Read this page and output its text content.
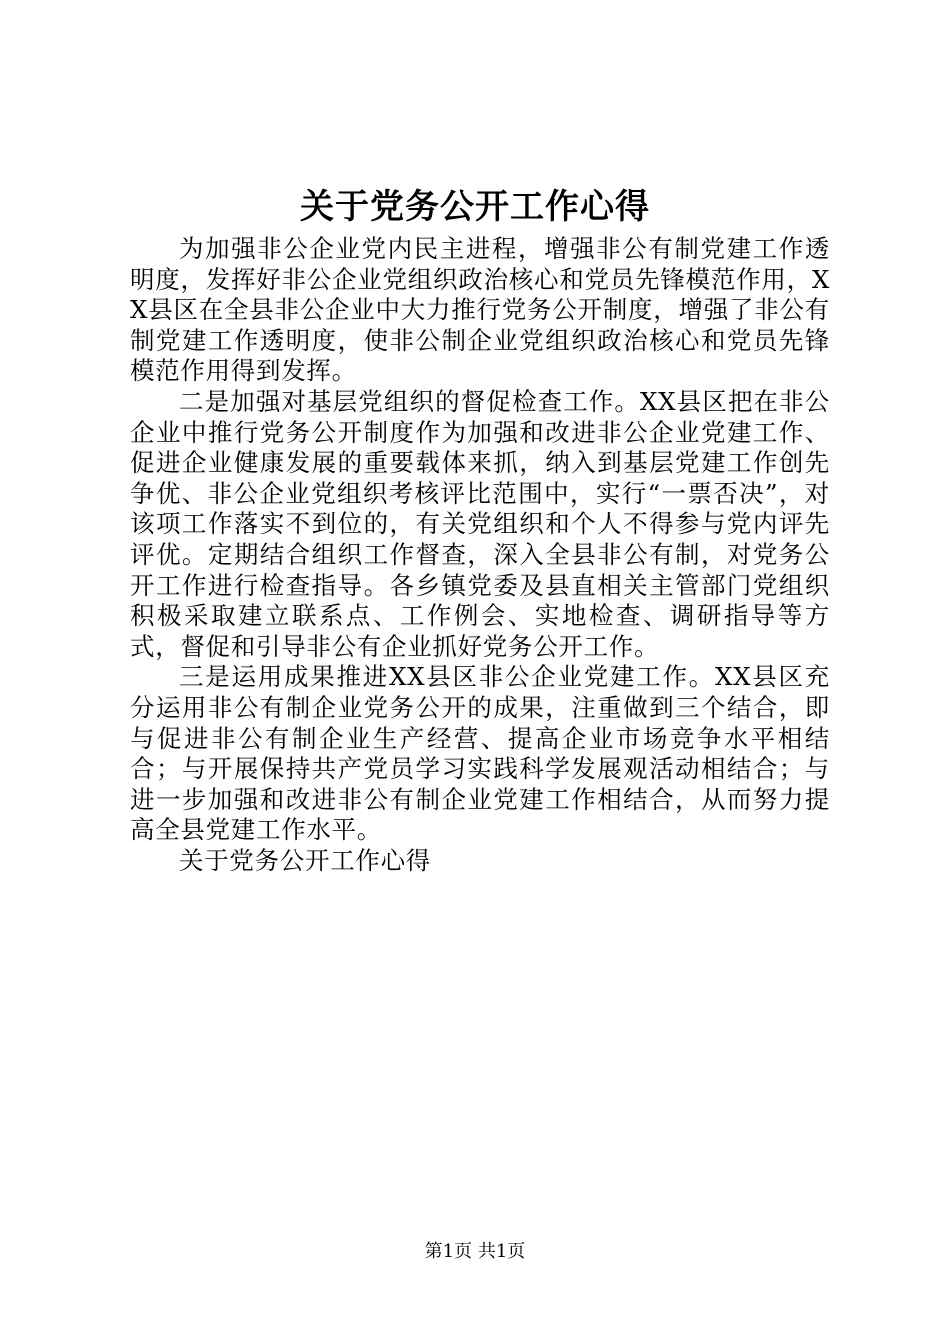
关于党务公开工作心得

为加强非公企业党内民主进程，增强非公有制党建工作透明度，发挥好非公企业党组织政治核心和党员先锋模范作用，XX县区在全县非公企业中大力推行党务公开制度，增强了非公有制党建工作透明度，使非公制企业党组织政治核心和党员先锋模范作用得到发挥。

二是加强对基层党组织的督促检查工作。XX县区把在非公企业中推行党务公开制度作为加强和改进非公企业党建工作、促进企业健康发展的重要载体来抓，纳入到基层党建工作创先争优、非公企业党组织考核评比范围中，实行“一票否决”，对该项工作落实不到位的，有关党组织和个人不得参与党内评先评优。定期结合组织工作督查，深入全县非公有制，对党务公开工作进行检查指导。各乡镇党委及县直相关主管部门党组织积极采取建立联系点、工作例会、实地检查、调研指导等方式，督促和引导非公有企业抓好党务公开工作。

三是运用成果推进XX县区非公企业党建工作。XX县区充分运用非公有制企业党务公开的成果，注重做到三个结合，即与促进非公有制企业生产经营、提高企业市场竞争水平相结合；与开展保持共产党员学习实践科学发展观活动相结合；与进一步加强和改进非公有制企业党建工作相结合，从而努力提高全县党建工作水平。

关于党务公开工作心得

第1页 共1页
